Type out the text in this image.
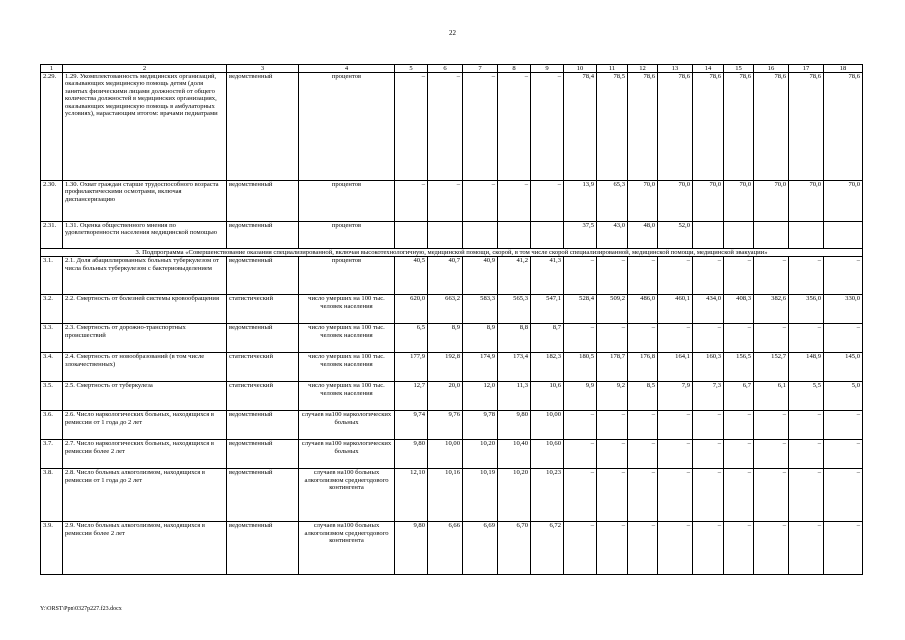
22
1	2	3	4	5	6	7	8	9	10	11	12	13	14	15	16	17	18
2.29.	1.29. Укомплектованность медицинских организаций, оказывающих медицинскую помощь детям (доля занятых физическими лицами должностей от общего количества должностей в медицинских организациях, оказывающих медицинскую помощь в амбулаторных условиях), нарастающим итогом: врачами педиатрами	ведомственный	процентов	–	–	–	–	–	78,4	78,5	78,6	78,6	78,6	78,6	78,6	78,6	78,6
2.30.	1.30. Охват граждан старше трудоспособного возраста профилактическими осмотрами, включая диспансеризацию	ведомственный	процентов	–	–	–	–	–	13,9	65,3	70,0	70,0	70,0	70,0	70,0	70,0	70,0
2.31.	1.31. Оценка общественного мнения по удовлетворенности населения медицинской помощью	ведомственный	процентов						37,5	43,0	48,0	52,0					
3. Подпрограмма «Совершенствование оказания специализированной, включая высокотехнологичную, медицинской помощи, скорой, в том числе скорой специализированной, медицинской помощи, медицинской эвакуации»																	
3.1.	2.1. Доля абациллированных больных туберкулезом от числа больных туберкулезом с бактериовыделением	ведомственный	процентов	40,5	40,7	40,9	41,2	41,3	–	–	–	–	–	–	–	–	–
3.2.	2.2. Смертность от болезней системы кровообращения	статистический	число умерших на 100 тыс. человек населения	620,0	663,2	583,3	565,3	547,1	528,4	509,2	486,0	460,1	434,0	408,3	382,6	356,0	330,0
3.3.	2.3. Смертность от дорожно-транспортных происшествий	ведомственный	число умерших на 100 тыс. человек населения	6,5	8,9	8,9	8,8	8,7	–	–	–	–	–	–	–	–	–
3.4.	2.4. Смертность от новообразований (в том числе злокачественных)	статистический	число умерших на 100 тыс. человек населения	177,9	192,8	174,9	173,4	182,3	180,5	178,7	176,8	164,1	160,3	156,5	152,7	148,9	145,0
3.5.	2.5. Смертность от туберкулеза	статистический	число умерших на 100 тыс. человек населения	12,7	20,0	12,0	11,3	10,6	9,9	9,2	8,5	7,9	7,3	6,7	6,1	5,5	5,0
3.6.	2.6. Число наркологических больных, находящихся в ремиссии от 1 года до 2 лет	ведомственный	случаев на100 наркологических больных	9,74	9,76	9,78	9,80	10,00	–	–	–	–	–	–	–	–	–
3.7.	2.7. Число наркологических больных, находящихся в ремиссии более 2 лет	ведомственный	случаев на100 наркологических больных	9,80	10,00	10,20	10,40	10,60	–	–	–	–	–	–	–	–	–
3.8.	2.8. Число больных алкоголизмом, находящихся в ремиссии от 1 года до 2 лет	ведомственный	случаев на100 больных алкоголизмом среднегодового контингента	12,10	10,16	10,19	10,20	10,23	–	–	–	–	–	–	–	–	–
3.9.	2.9. Число больных алкоголизмом, находящихся в ремиссии более 2 лет	ведомственный	случаев на100 больных алкоголизмом среднегодового контингента	9,80	6,66	6,69	6,70	6,72	–	–	–	–	–	–	–	–	–
Y:\ORST\Ppn\0327p227.f23.docx
